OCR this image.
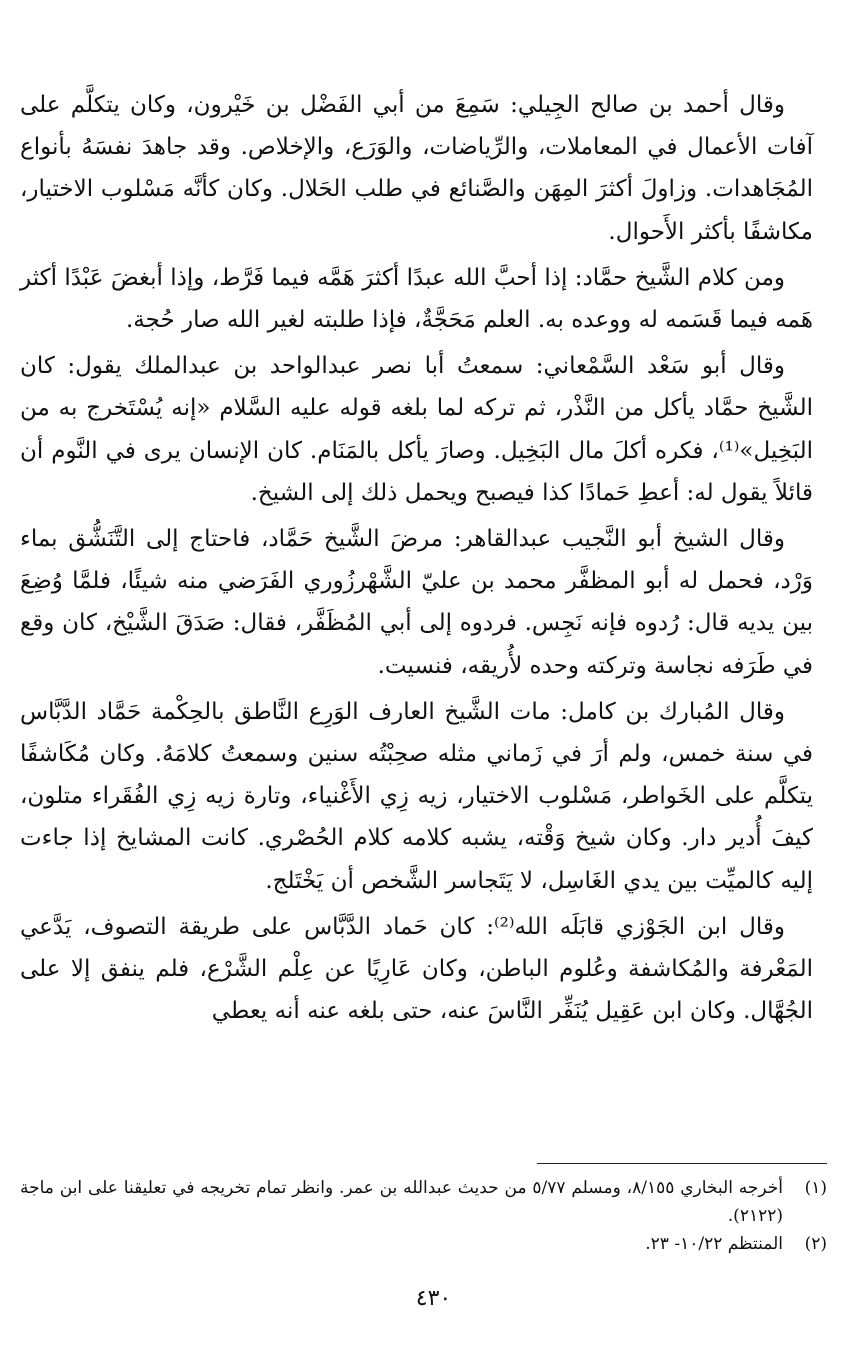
وقال أحمد بن صالح الجِيلي: سَمِعَ من أبي الفَضْل بن خَيْرون، وكان يتكلَّم على آفات الأعمال في المعاملات، والرِّياضات، والوَرَع، والإخلاص. وقد جاهدَ نفسَهُ بأنواع المُجَاهدات. وزاولَ أكثرَ المِهَن والصَّنائع في طلب الحَلال. وكان كأنَّه مَسْلوب الاختيار، مكاشفًا بأكثر الأَحوال.

ومن كلام الشَّيخ حمَّاد: إذا أحبَّ الله عبدًا أكثرَ هَمَّه فيما فَرَّط، وإذا أبغضَ عَبْدًا أكثر هَمه فيما قَسَمه له ووعده به. العلم مَحَجَّةٌ، فإذا طلبته لغير الله صار حُجة.

وقال أبو سَعْد السَّمْعاني: سمعتُ أبا نصر عبدالواحد بن عبدالملك يقول: كان الشَّيخ حمَّاد يأكل من النَّذْر، ثم تركه لما بلغه قوله عليه السَّلام «إنه يُسْتَخرج به من البَخِيل»⁽¹⁾، فكره أكلَ مال البَخِيل. وصارَ يأكل بالمَنَام. كان الإنسان يرى في النَّوم أن قائلاً يقول له: أعطِ حَمادًا كذا فيصبح ويحمل ذلك إلى الشيخ.

وقال الشيخ أبو النَّجيب عبدالقاهر: مرضَ الشَّيخ حَمَّاد، فاحتاج إلى التَّنَشُّق بماء وَرْد، فحمل له أبو المظفَّر محمد بن عليّ الشَّهْرزُوري الفَرَضي منه شيئًا، فلمَّا وُضِعَ بين يديه قال: رُدوه فإنه نَجِس. فردوه إلى أبي المُظَفَّر، فقال: صَدَقَ الشَّيْخ، كان وقع في طَرَفه نجاسة وتركته وحده لأُريقه، فنسيت.

وقال المُبارك بن كامل: مات الشَّيخ العارف الوَرِع النَّاطق بالحِكْمة حَمَّاد الدَّبَّاس في سنة خمس، ولم أرَ في زَماني مثله صحِبْتُه سنين وسمعتُ كلامَهُ. وكان مُكَاشفًا يتكلَّم على الخَواطر، مَسْلوب الاختيار، زيه زِي الأَغْنياء، وتارة زيه زِي الفُقَراء متلون، كيفَ أُدير دار. وكان شيخ وَقْته، يشبه كلامه كلام الحُصْري. كانت المشايخ إذا جاءت إليه كالميِّت بين يدي الغَاسِل، لا يَتَجاسر الشَّخص أن يَخْتَلج.

وقال ابن الجَوْزي قابَلَه الله⁽²⁾: كان حَماد الدَّبَّاس على طريقة التصوف، يَدَّعي المَعْرفة والمُكاشفة وعُلوم الباطن، وكان عَارِيًا عن عِلْم الشَّرْع، فلم ينفق إلا على الجُهَّال. وكان ابن عَقِيل يُنَفِّر النَّاسَ عنه، حتى بلغه عنه أنه يعطي

(١)
أخرجه البخاري ٨/١٥٥، ومسلم ٥/٧٧ من حديث عبدالله بن عمر. وانظر تمام تخريجه في تعليقنا على ابن ماجة (٢١٢٢).
(٢)
المنتظم ١٠/٢٢- ٢٣.
٤٣٠
